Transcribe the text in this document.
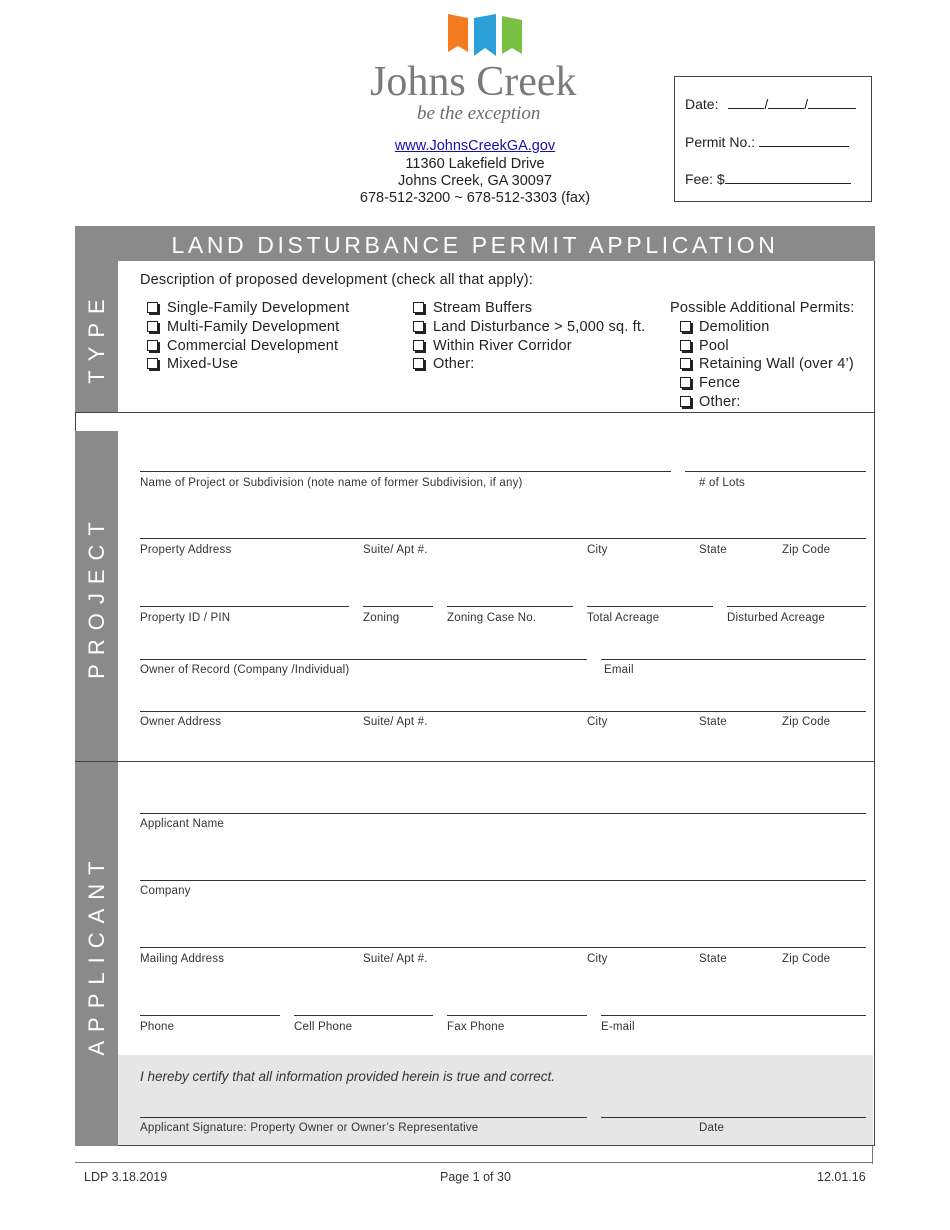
Johns Creek
be the exception
www.JohnsCreekGA.gov
11360 Lakefield Drive
Johns Creek, GA 30097
678-512-3200 ~ 678-512-3303 (fax)
Date:	/	/
Permit No.:
Fee: $
LAND DISTURBANCE PERMIT APPLICATION
TYPE
PROJECT
APPLICANT
Description of proposed development (check all that apply):
Single-Family Development
Multi-Family Development
Commercial Development
Mixed-Use
Stream Buffers
Land Disturbance > 5,000 sq. ft.
Within River Corridor
Other:
Possible Additional Permits:
Demolition
Pool
Retaining Wall (over 4’)
Fence
Other:
Name of Project or Subdivision (note name of former Subdivision, if any)	# of Lots
Property Address	Suite/ Apt #.	City	State	Zip Code
Property ID / PIN	Zoning	Zoning Case No.	Total Acreage	Disturbed Acreage
Owner of Record (Company /Individual)	Email
Owner Address	Suite/ Apt #.	City	State	Zip Code
Applicant Name
Company
Mailing Address	Suite/ Apt #.	City	State	Zip Code
Phone	Cell Phone	Fax Phone	E-mail
I hereby certify that all information provided herein is true and correct.
Applicant Signature: Property Owner or Owner’s Representative	Date
LDP 3.18.2019	Page 1 of 30	12.01.16
